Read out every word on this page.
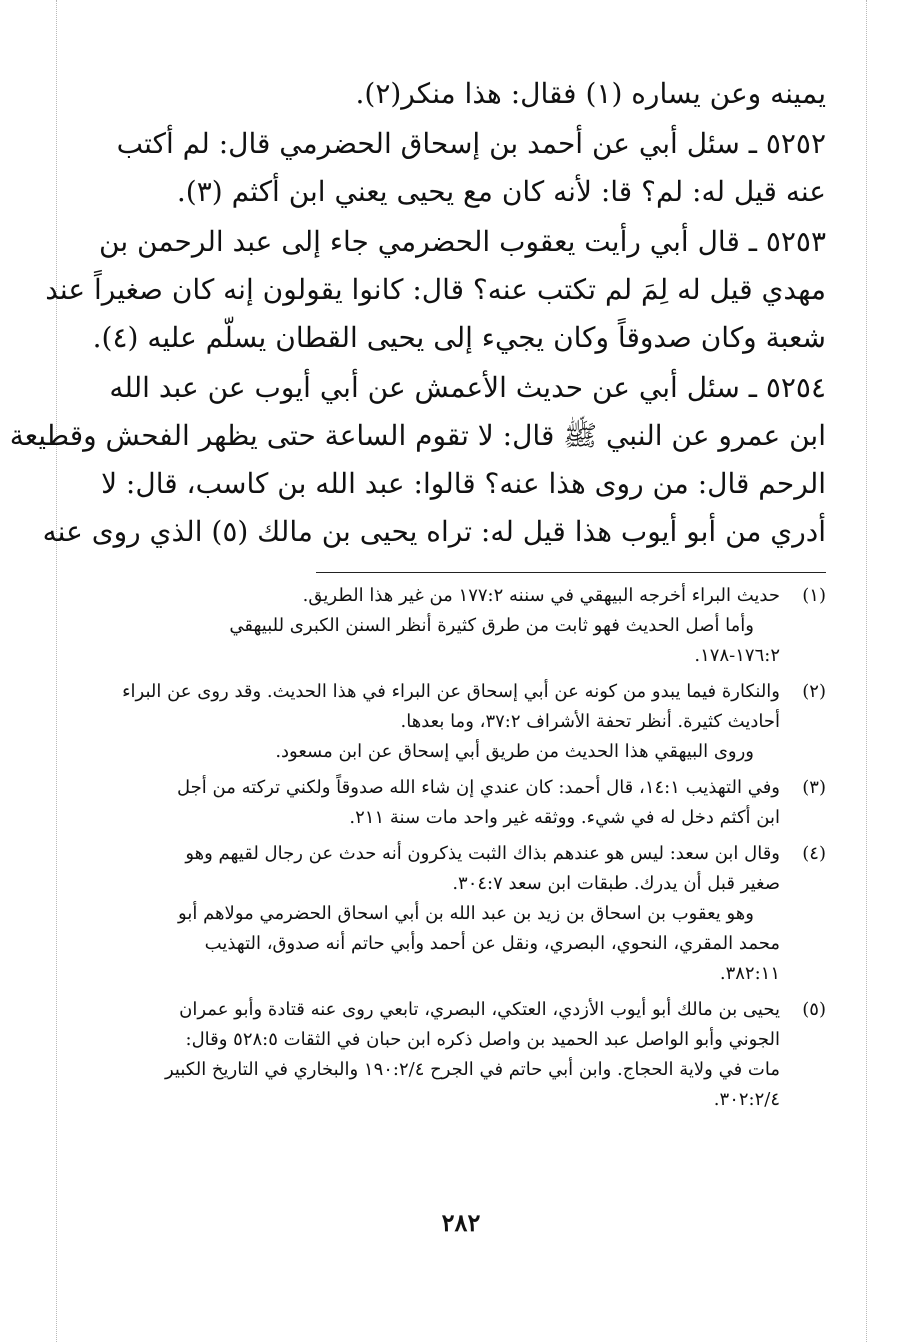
يمينه وعن يساره (١) فقال: هذا منكر(٢).
٥٢٥٢ ـ سئل أبي عن أحمد بن إسحاق الحضرمي قال: لم أكتب
عنه قيل له: لم؟ قا: لأنه كان مع يحيى يعني ابن أكثم (٣).
٥٢٥٣ ـ قال أبي رأيت يعقوب الحضرمي جاء إلى عبد الرحمن بن
مهدي قيل له لِمَ لم تكتب عنه؟ قال: كانوا يقولون إنه كان صغيراً عند
شعبة وكان صدوقاً وكان يجيء إلى يحيى القطان يسلّم عليه (٤).
٥٢٥٤ ـ سئل أبي عن حديث الأعمش عن أبي أيوب عن عبد الله
ابن عمرو عن النبي ﷺ قال: لا تقوم الساعة حتى يظهر الفحش وقطيعة
الرحم قال: من روى هذا عنه؟ قالوا: عبد الله بن كاسب، قال: لا
أدري من أبو أيوب هذا قيل له: تراه يحيى بن مالك (٥) الذي روى عنه
(١)
حديث البراء أخرجه البيهقي في سننه ١٧٧:٢ من غير هذا الطريق.
وأما أصل الحديث فهو ثابت من طرق كثيرة أنظر السنن الكبرى للبيهقي
١٧٦:٢-١٧٨.
(٢)
والنكارة فيما يبدو من كونه عن أبي إسحاق عن البراء في هذا الحديث. وقد روى عن البراء
أحاديث كثيرة. أنظر تحفة الأشراف ٣٧:٢، وما بعدها.
وروى البيهقي هذا الحديث من طريق أبي إسحاق عن ابن مسعود.
(٣)
وفي التهذيب ١٤:١، قال أحمد: كان عندي إن شاء الله صدوقاً ولكني تركته من أجل
ابن أكثم دخل له في شيء. ووثقه غير واحد مات سنة ٢١١.
(٤)
وقال ابن سعد: ليس هو عندهم بذاك الثبت يذكرون أنه حدث عن رجال لقيهم وهو
صغير قبل أن يدرك. طبقات ابن سعد ٣٠٤:٧.
وهو يعقوب بن اسحاق بن زيد بن عبد الله بن أبي اسحاق الحضرمي مولاهم أبو
محمد المقري، النحوي، البصري، ونقل عن أحمد وأبي حاتم أنه صدوق، التهذيب
٣٨٢:١١.
(٥)
يحيى بن مالك أبو أيوب الأزدي، العتكي، البصري، تابعي روى عنه قتادة وأبو عمران
الجوني وأبو الواصل عبد الحميد بن واصل ذكره ابن حبان في الثقات ٥٢٨:٥ وقال:
مات في ولاية الحجاج. وابن أبي حاتم في الجرح ١٩٠:٢/٤ والبخاري في التاريخ الكبير
٣٠٢:٢/٤.
٢٨٢
